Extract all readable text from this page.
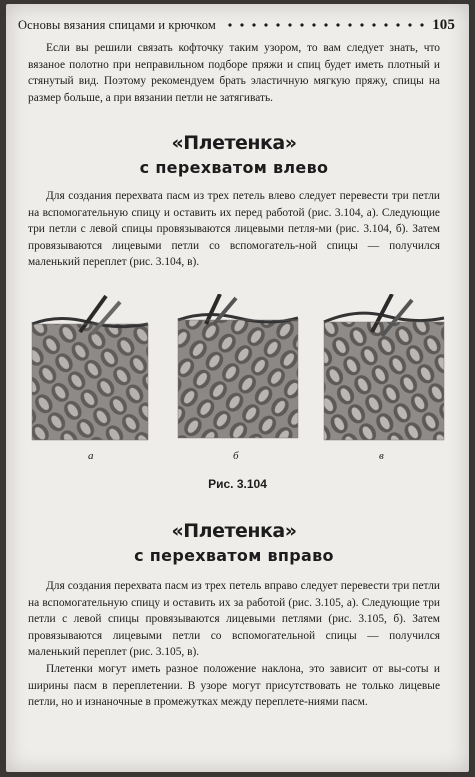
Основы вязания спицами и крючком	105

Если вы решили связать кофточку таким узором, то вам следует знать, что вязаное полотно при неправильном подборе пряжи и спиц будет иметь плотный и стянутый вид. Поэтому рекомендуем брать эластичную мягкую пряжу, спицы на размер больше, а при вязании петли не затягивать.

«Плетенка»
с перехватом влево

Для создания перехвата пасм из трех петель влево следует перевести три петли на вспомогательную спицу и оставить их перед работой (рис. 3.104, а). Следующие три петли с левой спицы провязываются лицевыми петля-ми (рис. 3.104, б). Затем провязываются лицевыми петли со вспомогатель-ной спицы — получился маленький переплет (рис. 3.104, в).

а	б	в
Рис. 3.104
«Плетенка»
с перехватом вправо

Для создания перехвата пасм из трех петель вправо следует перевести три петли на вспомогательную спицу и оставить их за работой (рис. 3.105, а). Следующие три петли с левой спицы провязываются лицевыми петлями (рис. 3.105, б). Затем провязываются лицевыми петли со вспомогательной спицы — получился маленький переплет (рис. 3.105, в).

Плетенки могут иметь разное положение наклона, это зависит от вы-соты и ширины пасм в переплетении. В узоре могут присутствовать не только лицевые петли, но и изнаночные в промежутках между переплете-ниями пасм.
